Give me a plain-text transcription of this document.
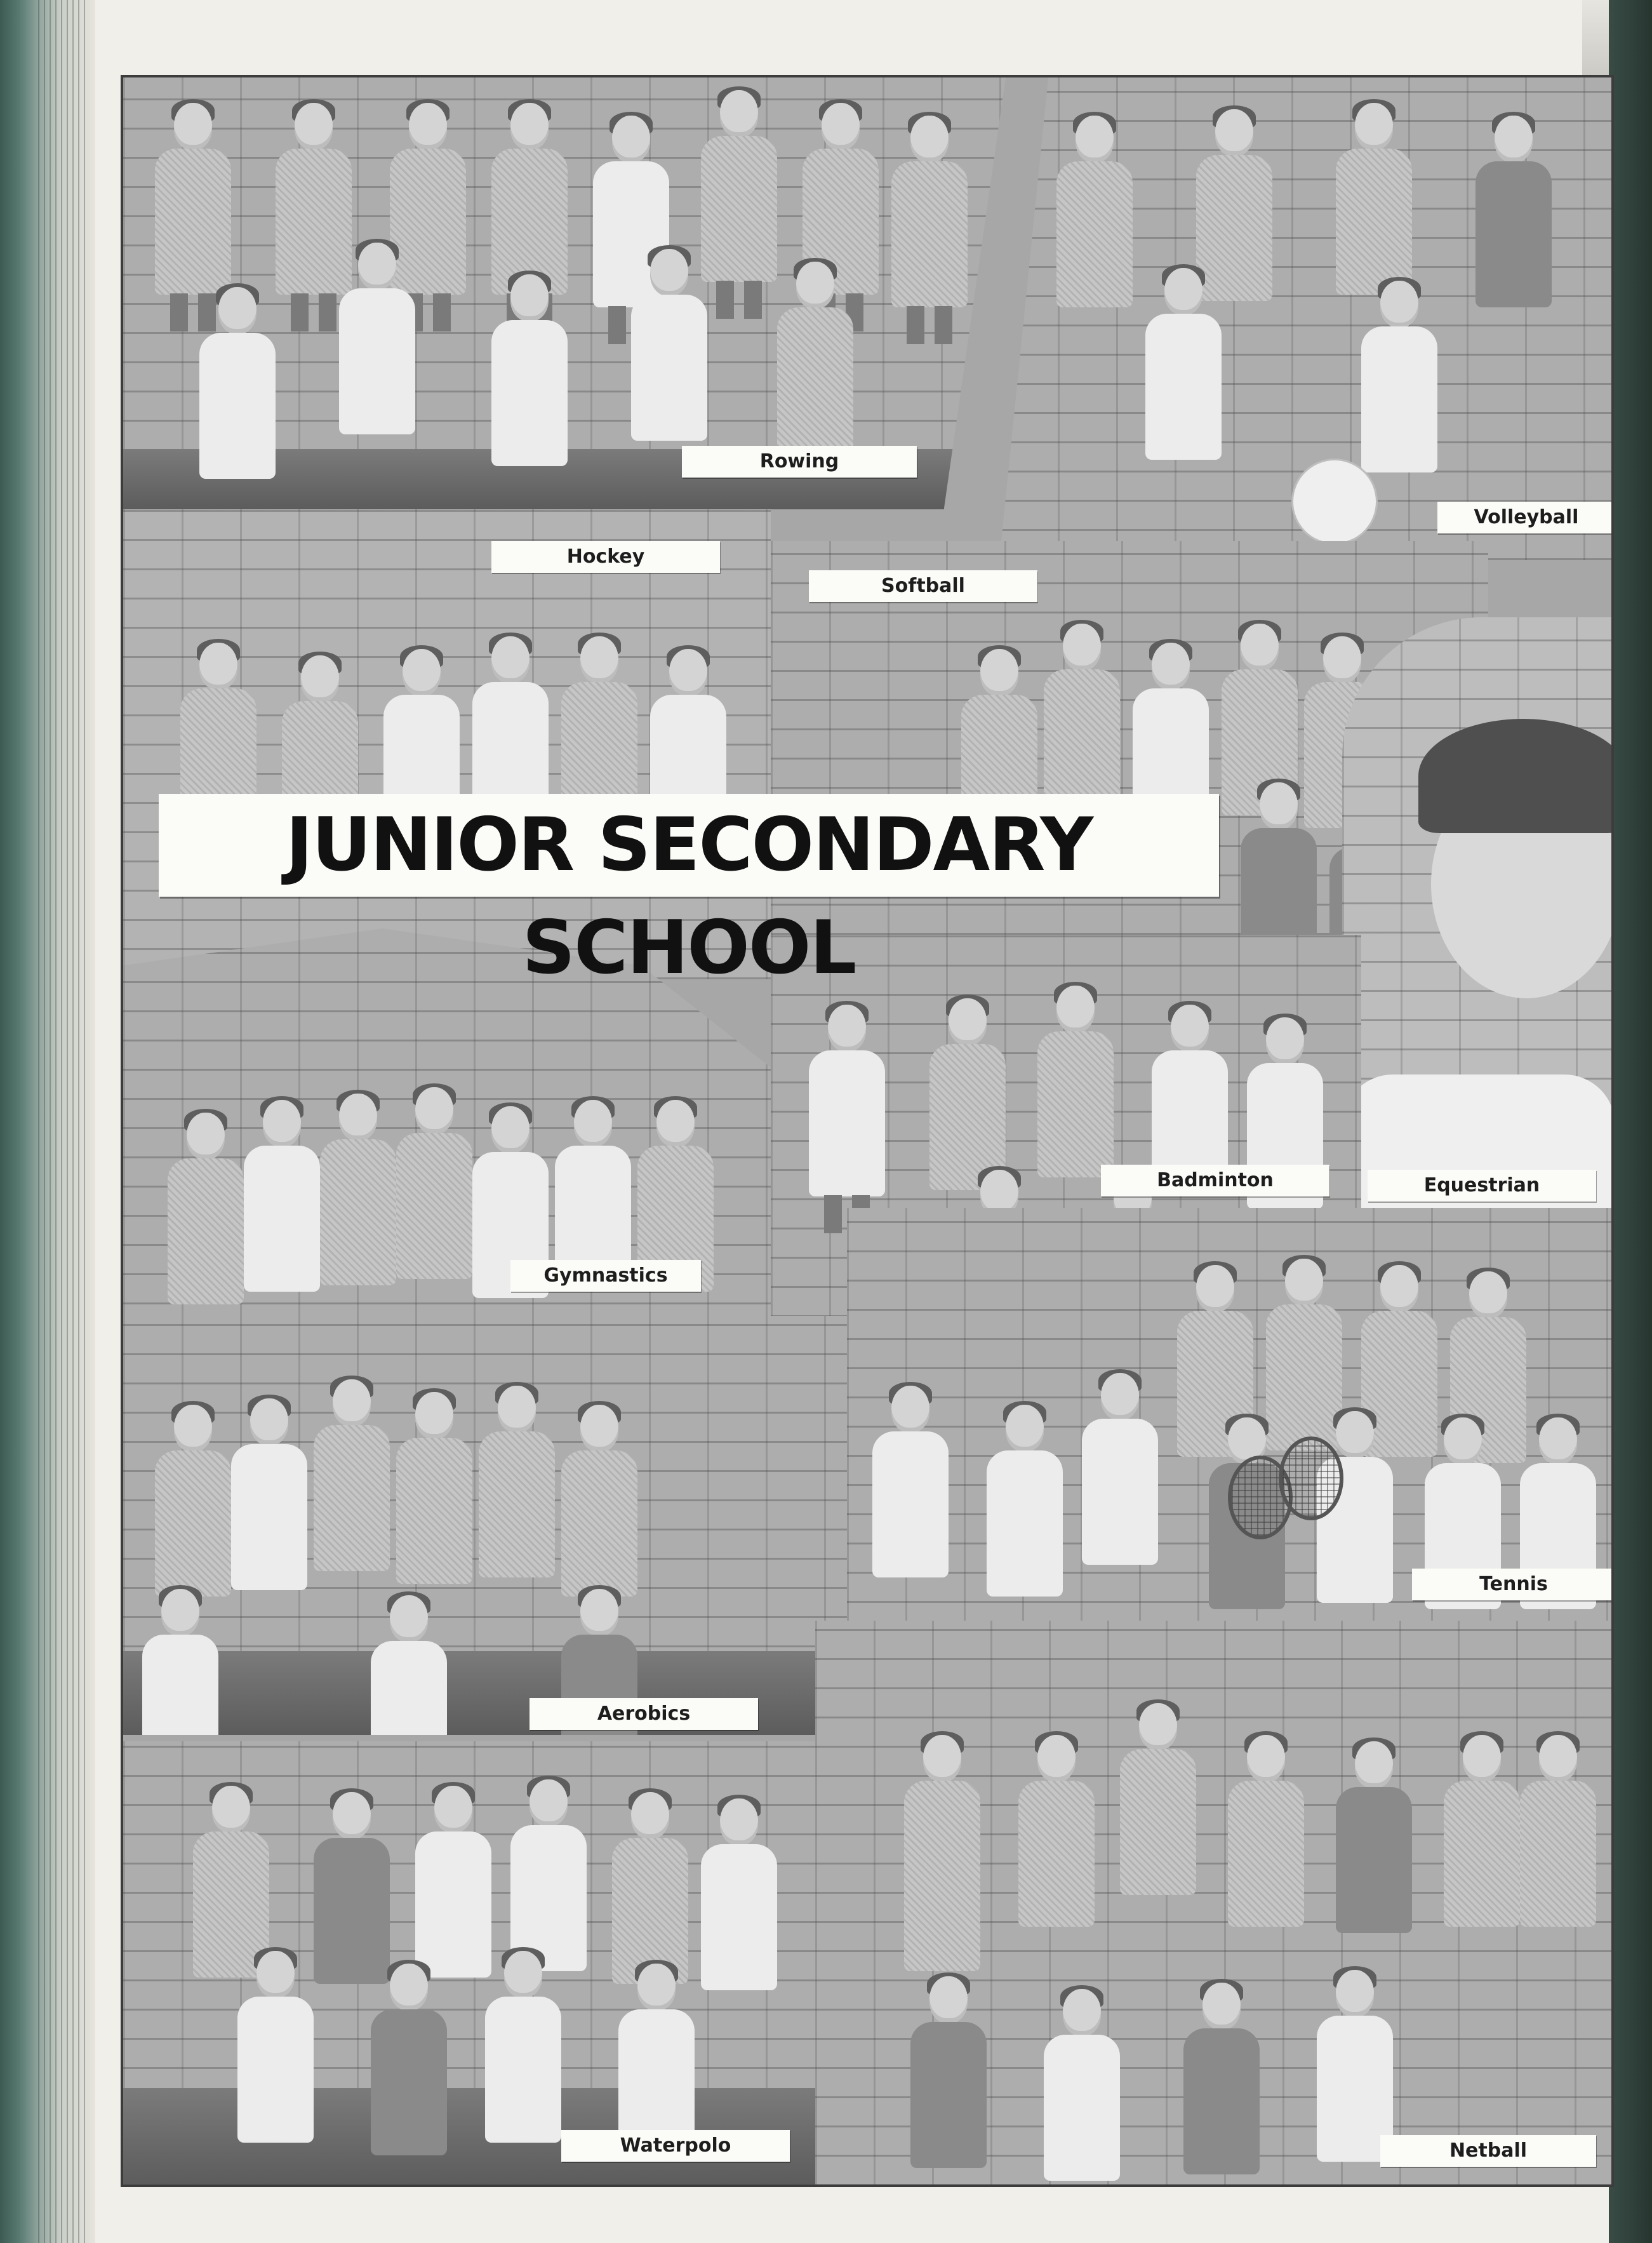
Rowing
Volleyball
Hockey
Softball
Equestrian
Gymnastics
Badminton
Tennis
Aerobics
Waterpolo	Netball
JUNIOR SECONDARY SCHOOL
